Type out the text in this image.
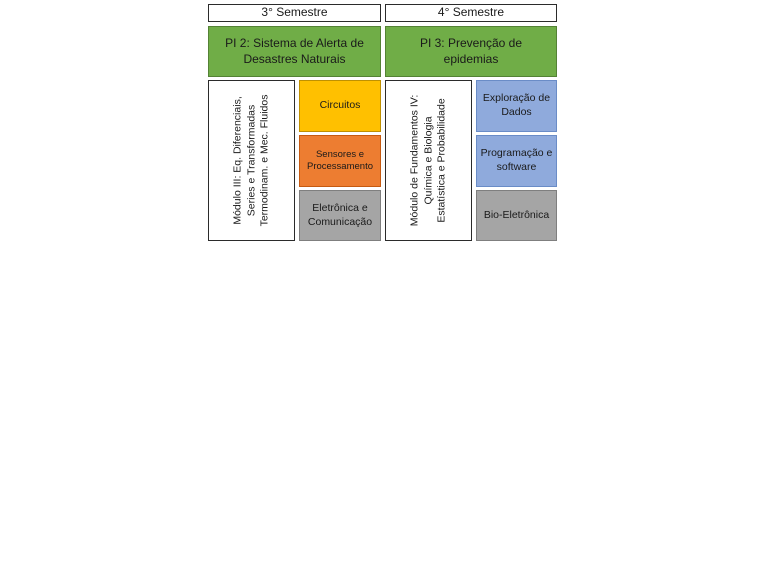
3° Semestre
PI 2: Sistema de Alerta de Desastres Naturais
Módulo III: Eq. Diferenciais, Series e Transformadas Termodinam. e Mec. Fluidos	Circuitos
Sensores e Processamento
Eletrônica e Comunicação
4° Semestre
PI 3: Prevenção de epidemias
Módulo de Fundamentos IV: Química e Biologia Estatística e Probabilidade	Exploração de Dados
Programação e software
Bio-Eletrônica
